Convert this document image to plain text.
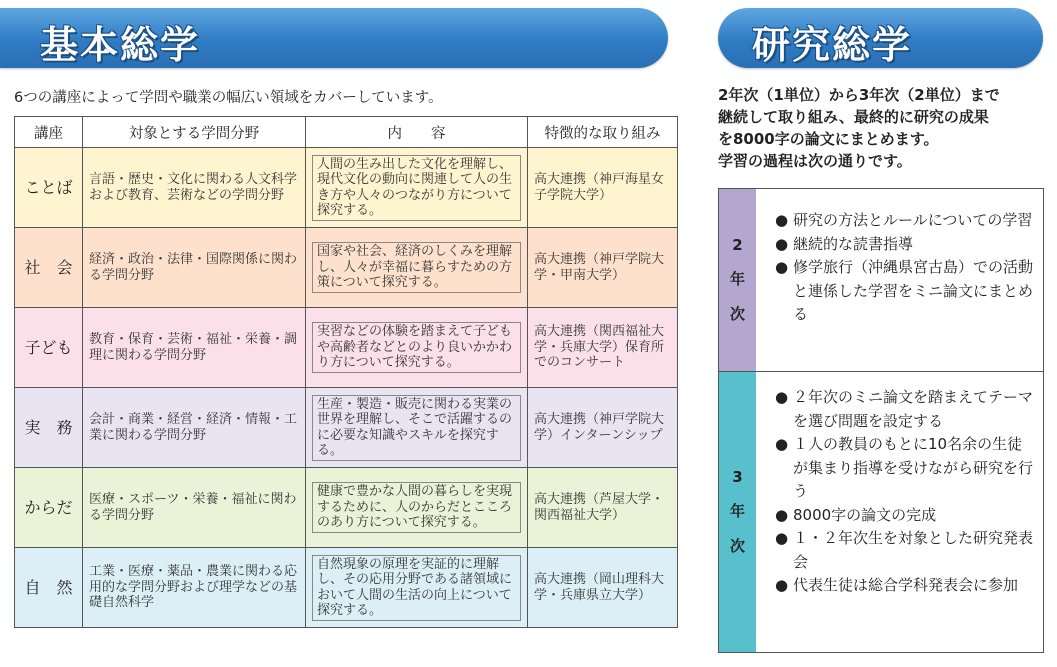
基本総学	研究総学
6つの講座によって学問や職業の幅広い領域をカバーしています。
講座	対象とする学問分野	内　　容	特徴的な取り組み
ことば	言語・歴史・文化に関わる人文科学および教育、芸術などの学問分野	人間の生み出した文化を理解し、現代文化の動向に関連して人の生き方や人々のつながり方について探究する。	高大連携（神戸海星女子学院大学）
社　会	経済・政治・法律・国際関係に関わる学問分野	国家や社会、経済のしくみを理解し、人々が幸福に暮らすための方策について探究する。	高大連携（神戸学院大学・甲南大学）
子ども	教育・保育・芸術・福祉・栄養・調理に関わる学問分野	実習などの体験を踏まえて子どもや高齢者などとのより良いかかわり方について探究する。	高大連携（関西福祉大学・兵庫大学）保育所でのコンサート
実　務	会計・商業・経営・経済・情報・工業に関わる学問分野	生産・製造・販売に関わる実業の世界を理解し、そこで活躍するのに必要な知識やスキルを探究する。	高大連携（神戸学院大学）インターンシップ
からだ	医療・スポーツ・栄養・福祉に関わる学問分野	健康で豊かな人間の暮らしを実現するために、人のからだとこころのあり方について探究する。	高大連携（芦屋大学・関西福祉大学）
自　然	工業・医療・薬品・農業に関わる応用的な学問分野および理学などの基礎自然科学	自然現象の原理を実証的に理解し、その応用分野である諸領域において人間の生活の向上について探究する。	高大連携（岡山理科大学・兵庫県立大学）
2年次（1単位）から3年次（2単位）まで
継続して取り組み、最終的に研究の成果
を8000字の論文にまとめます。
学習の過程は次の通りです。
2
年
次
● 研究の方法とルールについての学習
● 継続的な読書指導
● 修学旅行（沖縄県宮古島）での活動と連係した学習をミニ論文にまとめる
3
年
次
● ２年次のミニ論文を踏まえてテーマを選び問題を設定する
● １人の教員のもとに10名余の生徒が集まり指導を受けながら研究を行う
● 8000字の論文の完成
● １・２年次生を対象とした研究発表会
● 代表生徒は総合学科発表会に参加
